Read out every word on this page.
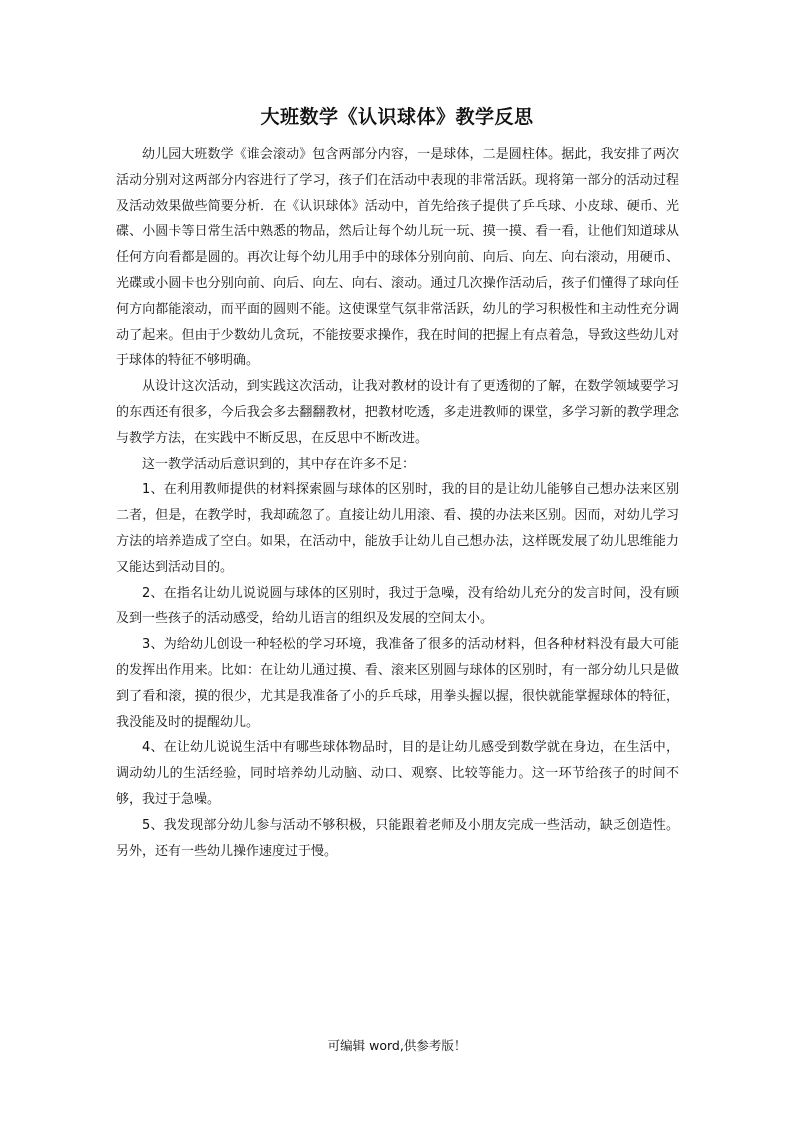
大班数学《认识球体》教学反思

幼儿园大班数学《谁会滚动》包含两部分内容，一是球体，二是圆柱体。据此，我安排了两次活动分别对这两部分内容进行了学习，孩子们在活动中表现的非常活跃。现将第一部分的活动过程及活动效果做些简要分析．在《认识球体》活动中，首先给孩子提供了乒乓球、小皮球、硬币、光碟、小圆卡等日常生活中熟悉的物品，然后让每个幼儿玩一玩、摸一摸、看一看，让他们知道球从任何方向看都是圆的。再次让每个幼儿用手中的球体分别向前、向后、向左、向右滚动，用硬币、光碟或小圆卡也分别向前、向后、向左、向右、滚动。通过几次操作活动后，孩子们懂得了球向任何方向都能滚动，而平面的圆则不能。这使课堂气氛非常活跃，幼儿的学习积极性和主动性充分调动了起来。但由于少数幼儿贪玩，不能按要求操作，我在时间的把握上有点着急，导致这些幼儿对于球体的特征不够明确。

从设计这次活动，到实践这次活动，让我对教材的设计有了更透彻的了解，在数学领域要学习的东西还有很多，今后我会多去翻翻教材，把教材吃透，多走进教师的课堂，多学习新的教学理念与教学方法，在实践中不断反思，在反思中不断改进。

这一教学活动后意识到的，其中存在许多不足：

1、在利用教师提供的材料探索圆与球体的区别时，我的目的是让幼儿能够自己想办法来区别二者，但是，在教学时，我却疏忽了。直接让幼儿用滚、看、摸的办法来区别。因而，对幼儿学习方法的培养造成了空白。如果，在活动中，能放手让幼儿自己想办法，这样既发展了幼儿思维能力又能达到活动目的。

2、在指名让幼儿说说圆与球体的区别时，我过于急噪，没有给幼儿充分的发言时间，没有顾及到一些孩子的活动感受，给幼儿语言的组织及发展的空间太小。

3、为给幼儿创设一种轻松的学习环境，我准备了很多的活动材料，但各种材料没有最大可能的发挥出作用来。比如：在让幼儿通过摸、看、滚来区别圆与球体的区别时，有一部分幼儿只是做到了看和滚，摸的很少，尤其是我准备了小的乒乓球，用拳头握以握，很快就能掌握球体的特征，我没能及时的提醒幼儿。

4、在让幼儿说说生活中有哪些球体物品时，目的是让幼儿感受到数学就在身边，在生活中，调动幼儿的生活经验，同时培养幼儿动脑、动口、观察、比较等能力。这一环节给孩子的时间不够，我过于急噪。

5、我发现部分幼儿参与活动不够积极，只能跟着老师及小朋友完成一些活动，缺乏创造性。另外，还有一些幼儿操作速度过于慢。

可编辑 word,供参考版！
